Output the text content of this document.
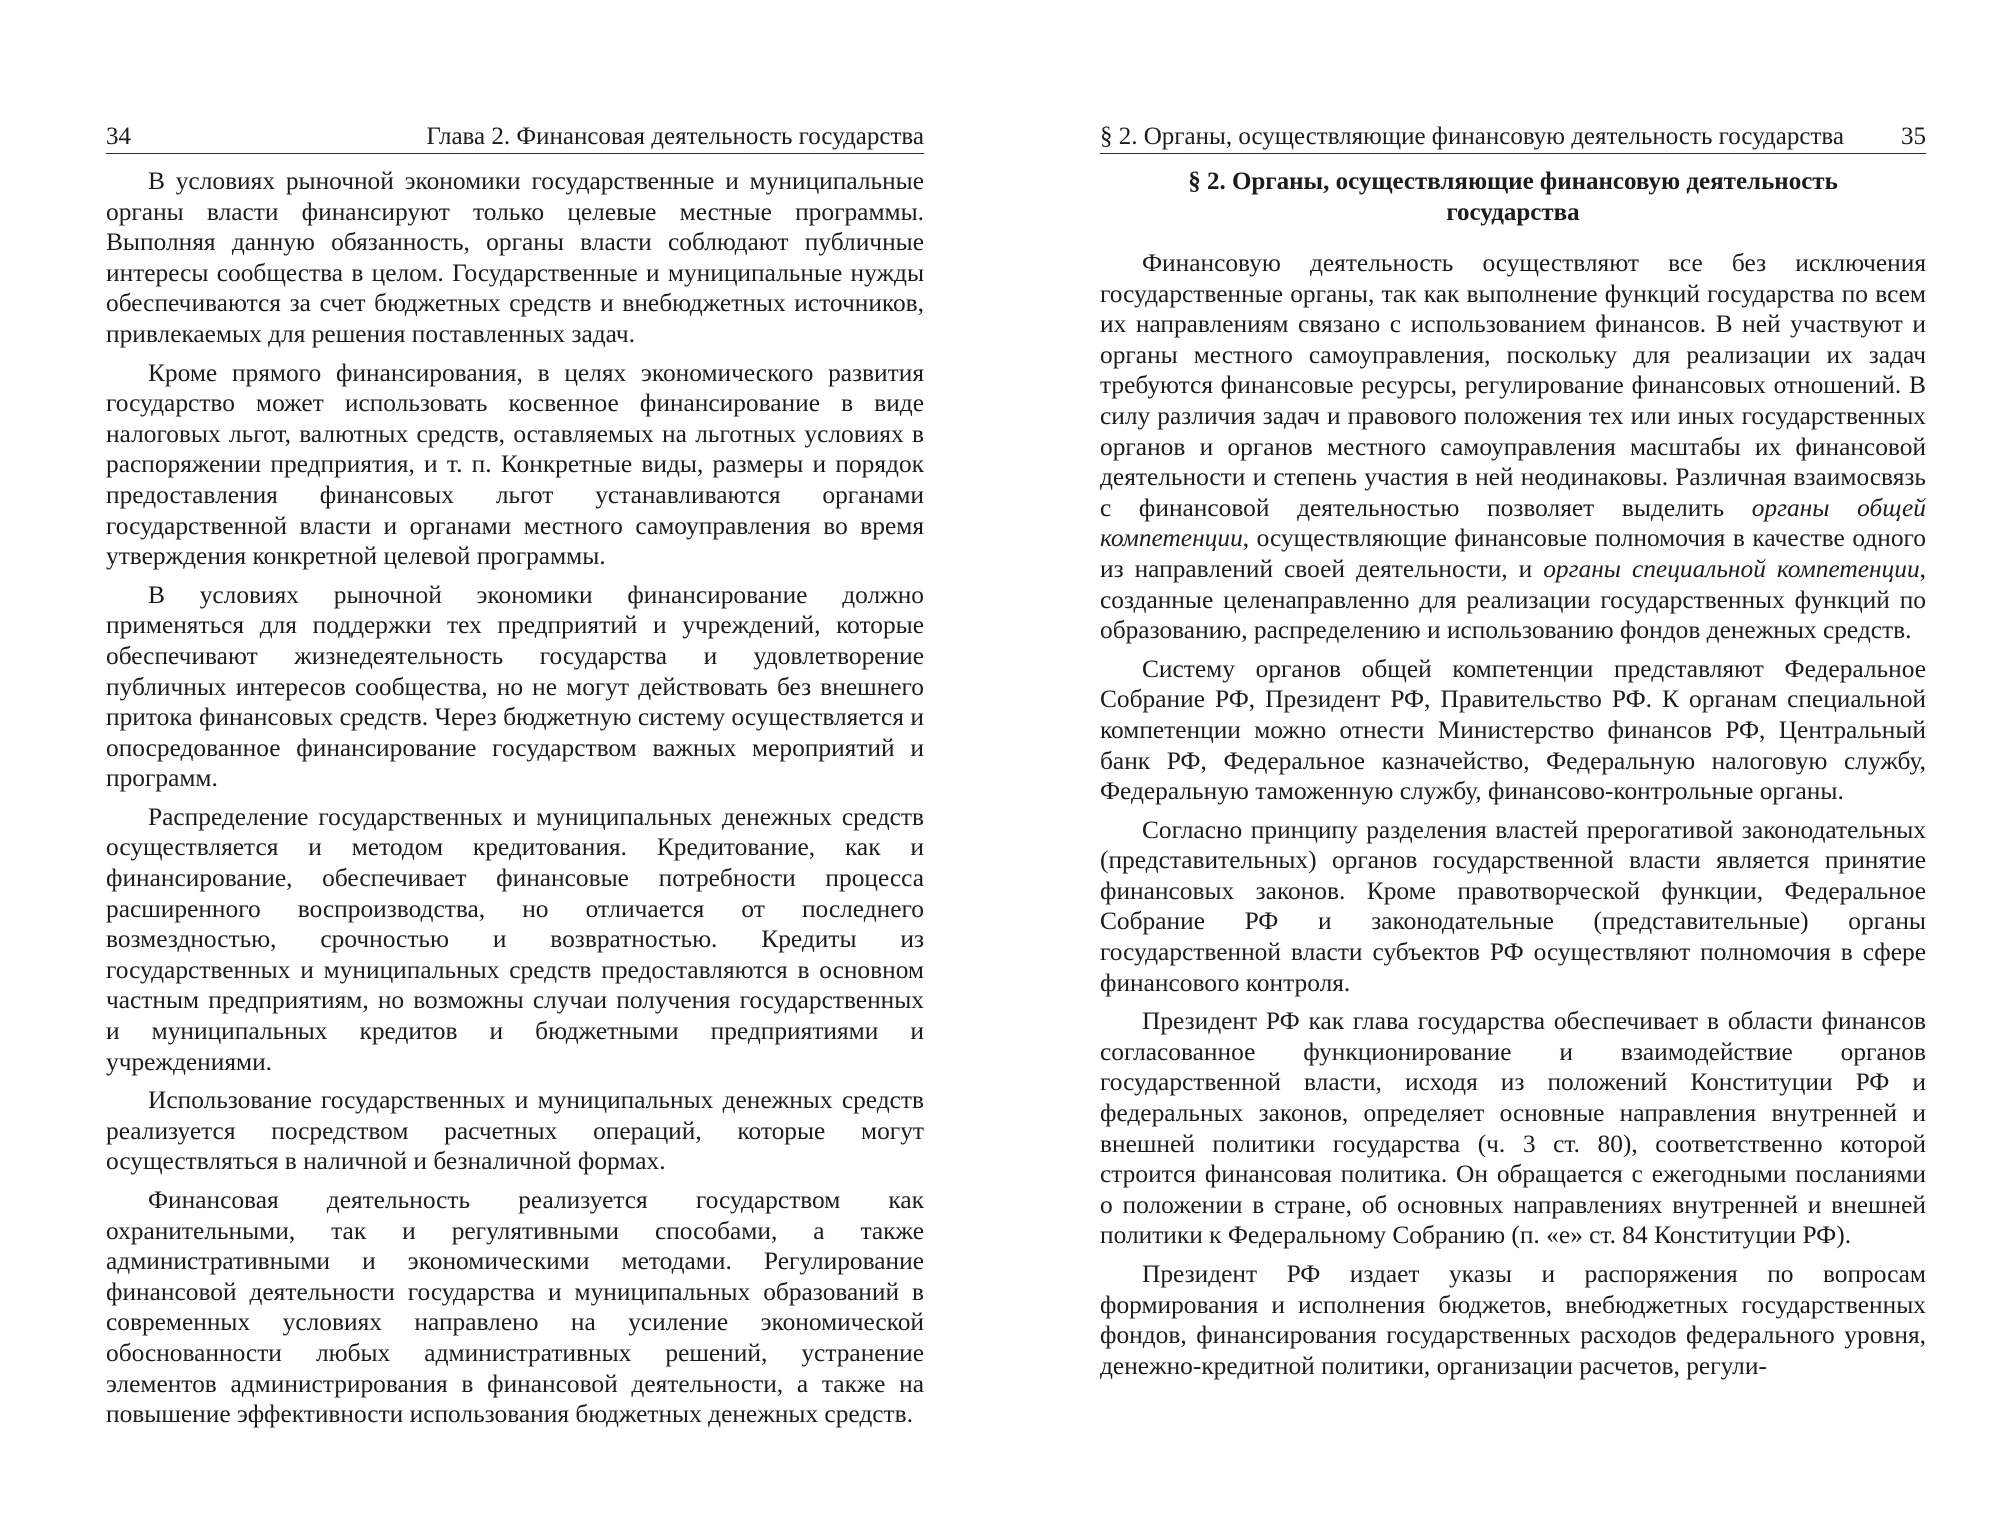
34	Глава 2. Финансовая деятельность государства

В условиях рыночной экономики государственные и муниципальные органы власти финансируют только целевые местные программы. Выполняя данную обязанность, органы власти соблюдают публичные интересы сообщества в целом. Государственные и муниципальные нужды обеспечиваются за счет бюджетных средств и внебюджетных источников, привлекаемых для решения поставленных задач.

Кроме прямого финансирования, в целях экономического развития государство может использовать косвенное финансирование в виде налоговых льгот, валютных средств, оставляемых на льготных условиях в распоряжении предприятия, и т. п. Конкретные виды, размеры и порядок предоставления финансовых льгот устанавливаются органами государственной власти и органами местного самоуправления во время утверждения конкретной целевой программы.

В условиях рыночной экономики финансирование должно применяться для поддержки тех предприятий и учреждений, которые обеспечивают жизнедеятельность государства и удовлетворение публичных интересов сообщества, но не могут действовать без внешнего притока финансовых средств. Через бюджетную систему осуществляется и опосредованное финансирование государством важных мероприятий и программ.

Распределение государственных и муниципальных денежных средств осуществляется и методом кредитования. Кредитование, как и финансирование, обеспечивает финансовые потребности процесса расширенного воспроизводства, но отличается от последнего возмездностью, срочностью и возвратностью. Кредиты из государственных и муниципальных средств предоставляются в основном частным предприятиям, но возможны случаи получения государственных и муниципальных кредитов и бюджетными предприятиями и учреждениями.

Использование государственных и муниципальных денежных средств реализуется посредством расчетных операций, которые могут осуществляться в наличной и безналичной формах.

Финансовая деятельность реализуется государством как охранительными, так и регулятивными способами, а также административными и экономическими методами. Регулирование финансовой деятельности государства и муниципальных образований в современных условиях направлено на усиление экономической обоснованности любых административных решений, устранение элементов администрирования в финансовой деятельности, а также на повышение эффективности использования бюджетных денежных средств.

§ 2. Органы, осуществляющие финансовую деятельность государства 35
§ 2. Органы, осуществляющие финансовую деятельность государства

Финансовую деятельность осуществляют все без исключения государственные органы, так как выполнение функций государства по всем их направлениям связано с использованием финансов. В ней участвуют и органы местного самоуправления, поскольку для реализации их задач требуются финансовые ресурсы, регулирование финансовых отношений. В силу различия задач и правового положения тех или иных государственных органов и органов местного самоуправления масштабы их финансовой деятельности и степень участия в ней неодинаковы. Различная взаимосвязь с финансовой деятельностью позволяет выделить органы общей компетенции, осуществляющие финансовые полномочия в качестве одного из направлений своей деятельности, и органы специальной компетенции, созданные целенаправленно для реализации государственных функций по образованию, распределению и использованию фондов денежных средств.

Систему органов общей компетенции представляют Федеральное Собрание РФ, Президент РФ, Правительство РФ. К органам специальной компетенции можно отнести Министерство финансов РФ, Центральный банк РФ, Федеральное казначейство, Федеральную налоговую службу, Федеральную таможенную службу, финансово-контрольные органы.

Согласно принципу разделения властей прерогативой законодательных (представительных) органов государственной власти является принятие финансовых законов. Кроме правотворческой функции, Федеральное Собрание РФ и законодательные (представительные) органы государственной власти субъектов РФ осуществляют полномочия в сфере финансового контроля.

Президент РФ как глава государства обеспечивает в области финансов согласованное функционирование и взаимодействие органов государственной власти, исходя из положений Конституции РФ и федеральных законов, определяет основные направления внутренней и внешней политики государства (ч. 3 ст. 80), соответственно которой строится финансовая политика. Он обращается с ежегодными посланиями о положении в стране, об основных направлениях внутренней и внешней политики к Федеральному Собранию (п. «е» ст. 84 Конституции РФ).

Президент РФ издает указы и распоряжения по вопросам формирования и исполнения бюджетов, внебюджетных государственных фондов, финансирования государственных расходов федерального уровня, денежно-кредитной политики, организации расчетов, регули-
